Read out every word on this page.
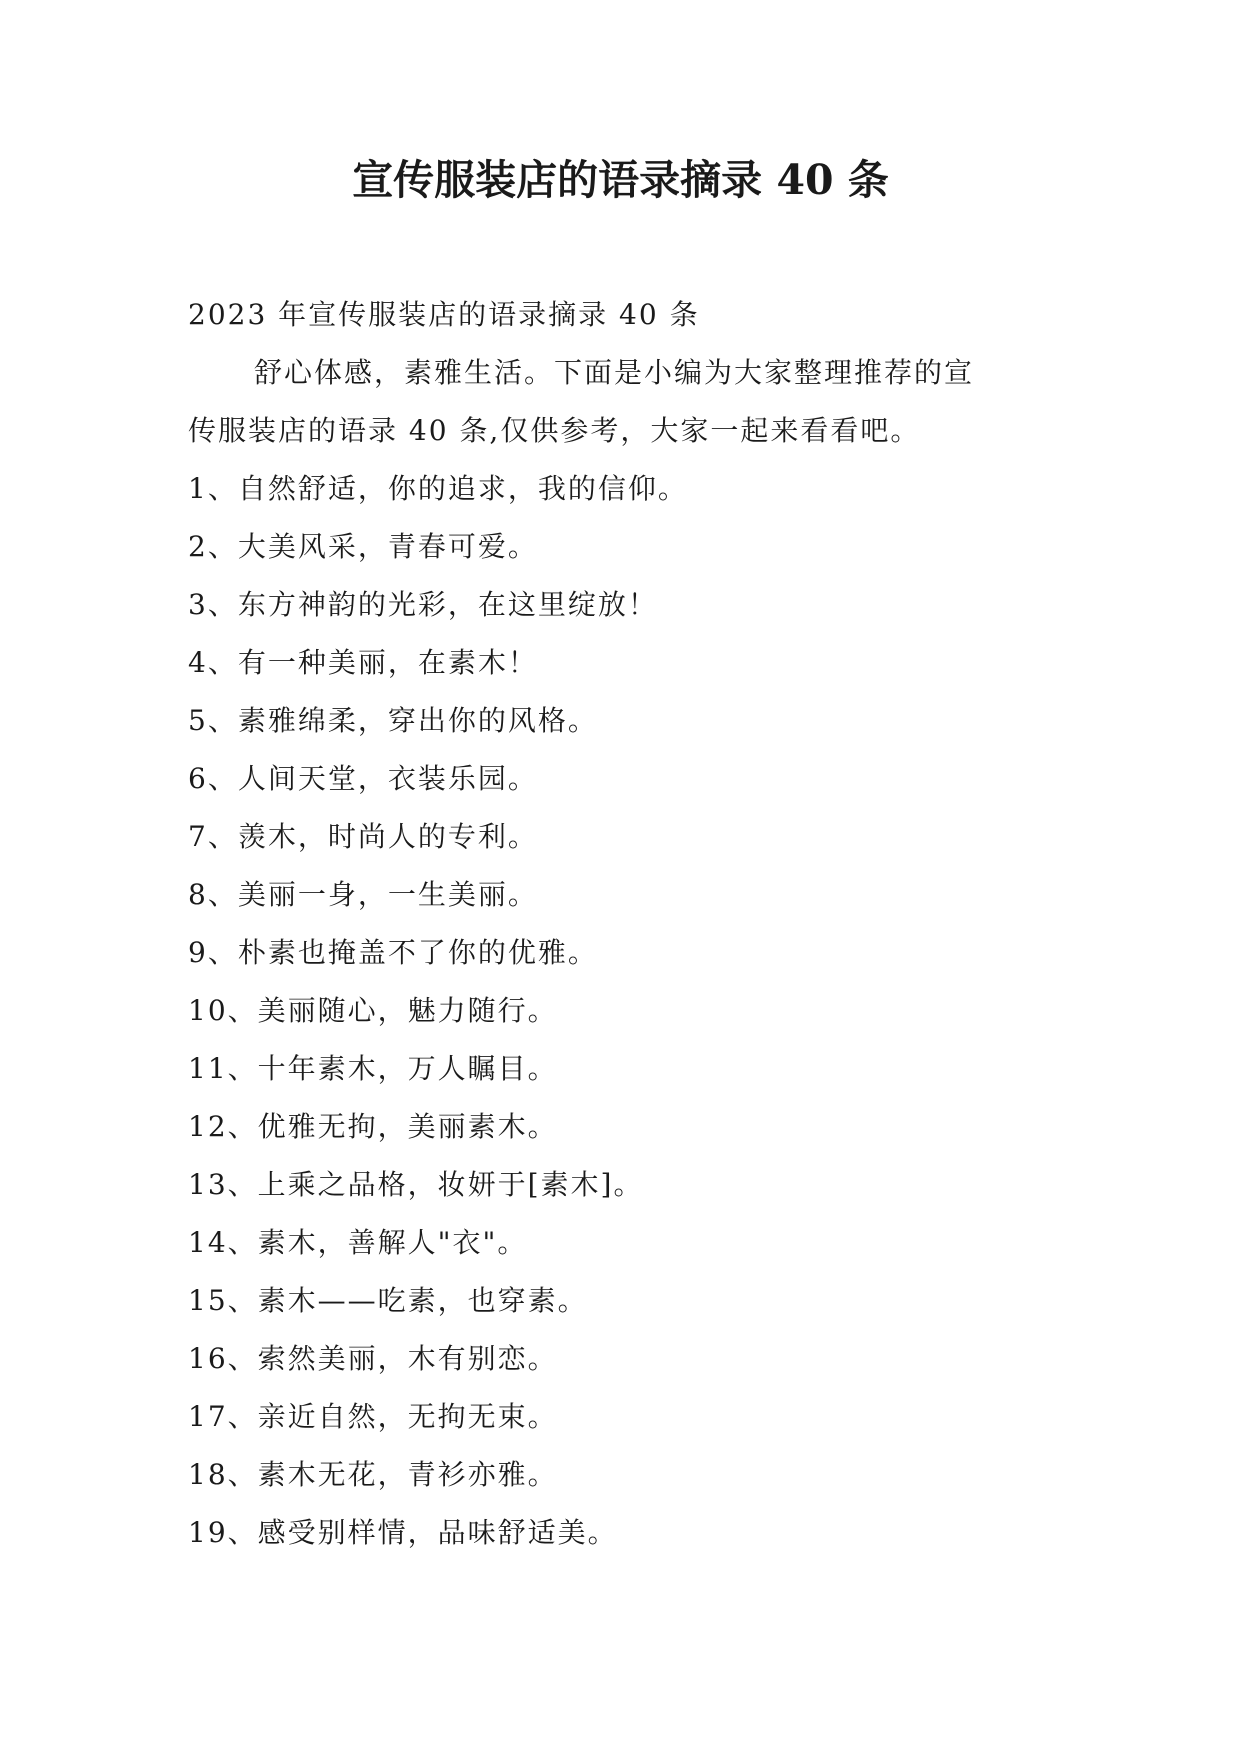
宣传服装店的语录摘录 40 条

2023 年宣传服装店的语录摘录 40 条

舒心体感，素雅生活。下面是小编为大家整理推荐的宣
传服装店的语录 40 条,仅供参考，大家一起来看看吧。

1、自然舒适，你的追求，我的信仰。

2、大美风采，青春可爱。

3、东方神韵的光彩，在这里绽放！

4、有一种美丽，在素木！

5、素雅绵柔，穿出你的风格。

6、人间天堂，衣装乐园。

7、羡木，时尚人的专利。

8、美丽一身，一生美丽。

9、朴素也掩盖不了你的优雅。

10、美丽随心，魅力随行。

11、十年素木，万人瞩目。

12、优雅无拘，美丽素木。

13、上乘之品格，妆妍于[素木]。

14、素木，善解人"衣"。

15、素木——吃素，也穿素。

16、索然美丽，木有别恋。

17、亲近自然，无拘无束。

18、素木无花，青衫亦雅。

19、感受别样情，品味舒适美。
